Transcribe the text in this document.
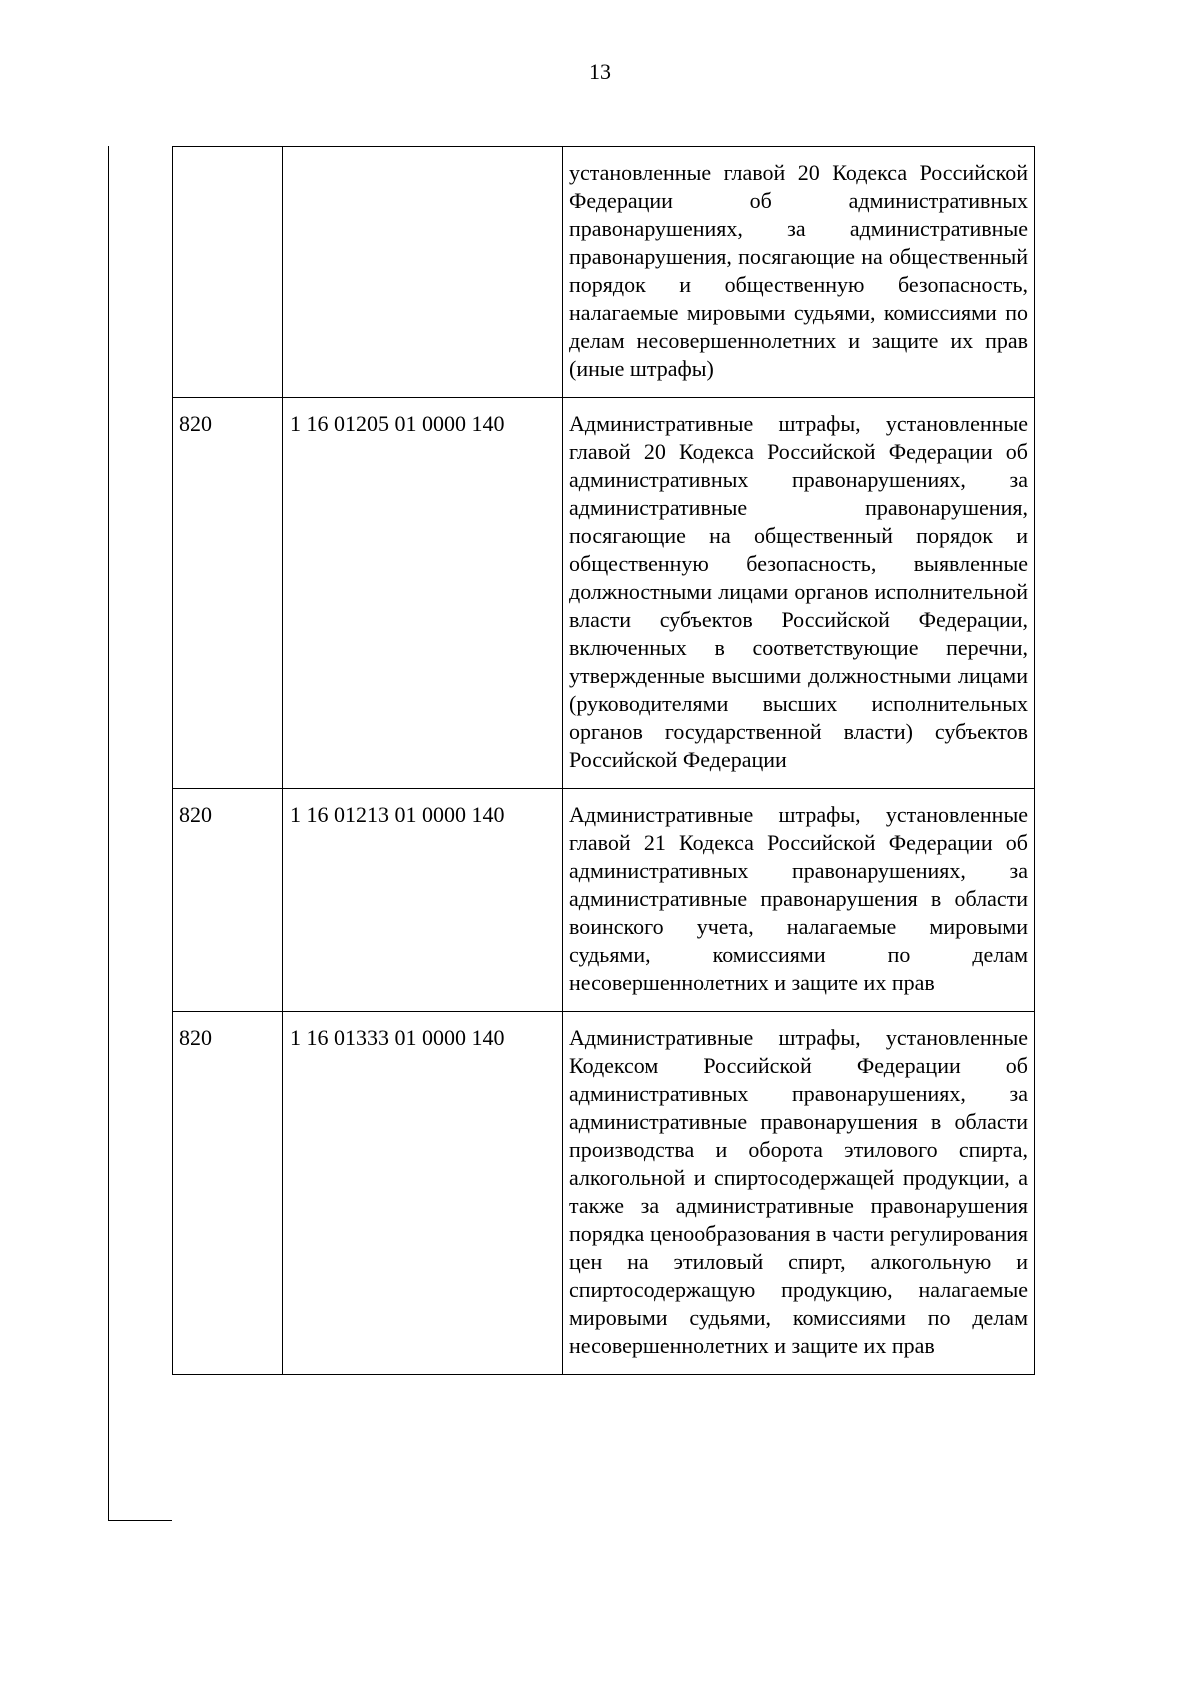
13

		установленные главой 20 Кодекса Российской Федерации об административных правонарушениях, за административные правонарушения, посягающие на общественный порядок и общественную безопасность, налагаемые мировыми судьями, комиссиями по делам несовершеннолетних и защите их прав (иные штрафы)

820	1 16 01205 01 0000 140	Административные штрафы, установленные главой 20 Кодекса Российской Федерации об административных правонарушениях, за административные правонарушения, посягающие на общественный порядок и общественную безопасность, выявленные должностными лицами органов исполнительной власти субъектов Российской Федерации, включенных в соответствующие перечни, утвержденные высшими должностными лицами (руководителями высших исполнительных органов государственной власти) субъектов Российской Федерации

820	1 16 01213 01 0000 140	Административные штрафы, установленные главой 21 Кодекса Российской Федерации об административных правонарушениях, за административные правонарушения в области воинского учета, налагаемые мировыми судьями, комиссиями по делам несовершеннолетних и защите их прав

820	1 16 01333 01 0000 140	Административные штрафы, установленные Кодексом Российской Федерации об административных правонарушениях, за административные правонарушения в области производства и оборота этилового спирта, алкогольной и спиртосодержащей продукции, а также за административные правонарушения порядка ценообразования в части регулирования цен на этиловый спирт, алкогольную и спиртосодержащую продукцию, налагаемые мировыми судьями, комиссиями по делам несовершеннолетних и защите их прав
